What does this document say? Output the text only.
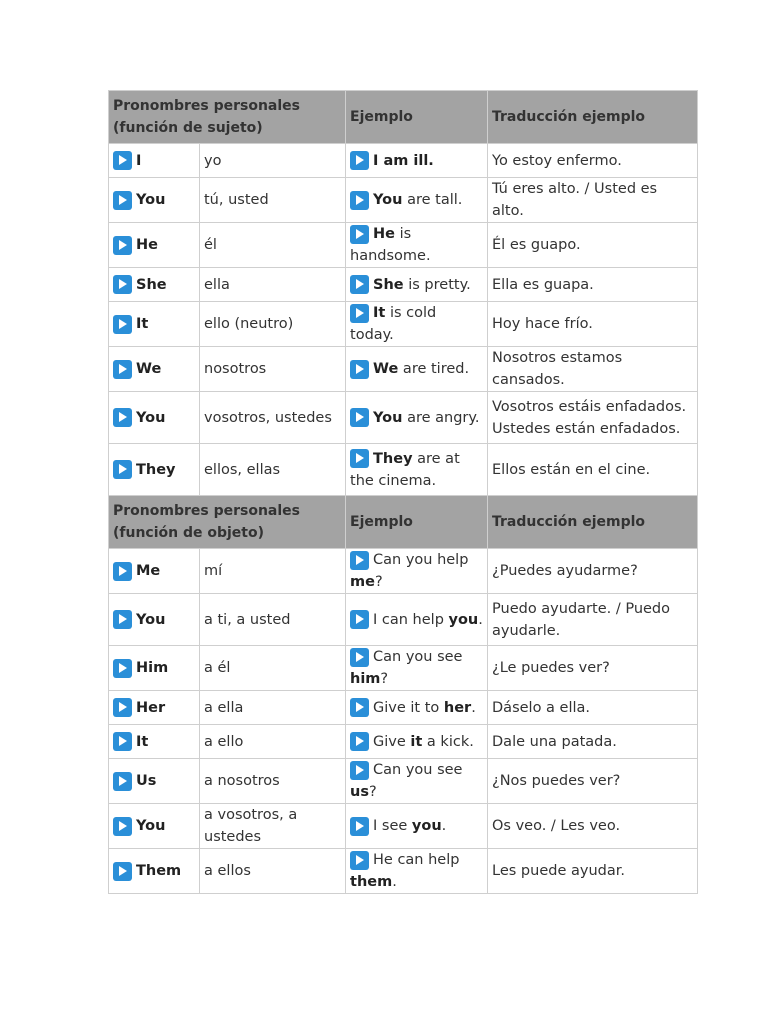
Pronombres personales (función de sujeto)		Ejemplo	Traducción ejemplo
I	yo	I am ill.	Yo estoy enfermo.
You	tú, usted	You are tall.	Tú eres alto. / Usted es alto.
He	él	He is handsome.	Él es guapo.
She	ella	She is pretty.	Ella es guapa.
It	ello (neutro)	It is cold today.	Hoy hace frío.
We	nosotros	We are tired.	Nosotros estamos cansados.
You	vosotros, ustedes	You are angry.	Vosotros estáis enfadados. Ustedes están enfadados.
They	ellos, ellas	They are at the cinema.	Ellos están en el cine.
Pronombres personales (función de objeto)		Ejemplo	Traducción ejemplo
Me	mí	Can you help me?	¿Puedes ayudarme?
You	a ti, a usted	I can help you.	Puedo ayudarte. / Puedo ayudarle.
Him	a él	Can you see him?	¿Le puedes ver?
Her	a ella	Give it to her.	Dáselo a ella.
It	a ello	Give it a kick.	Dale una patada.
Us	a nosotros	Can you see us?	¿Nos puedes ver?
You	a vosotros, a ustedes	I see you.	Os veo. / Les veo.
Them	a ellos	He can help them.	Les puede ayudar.
